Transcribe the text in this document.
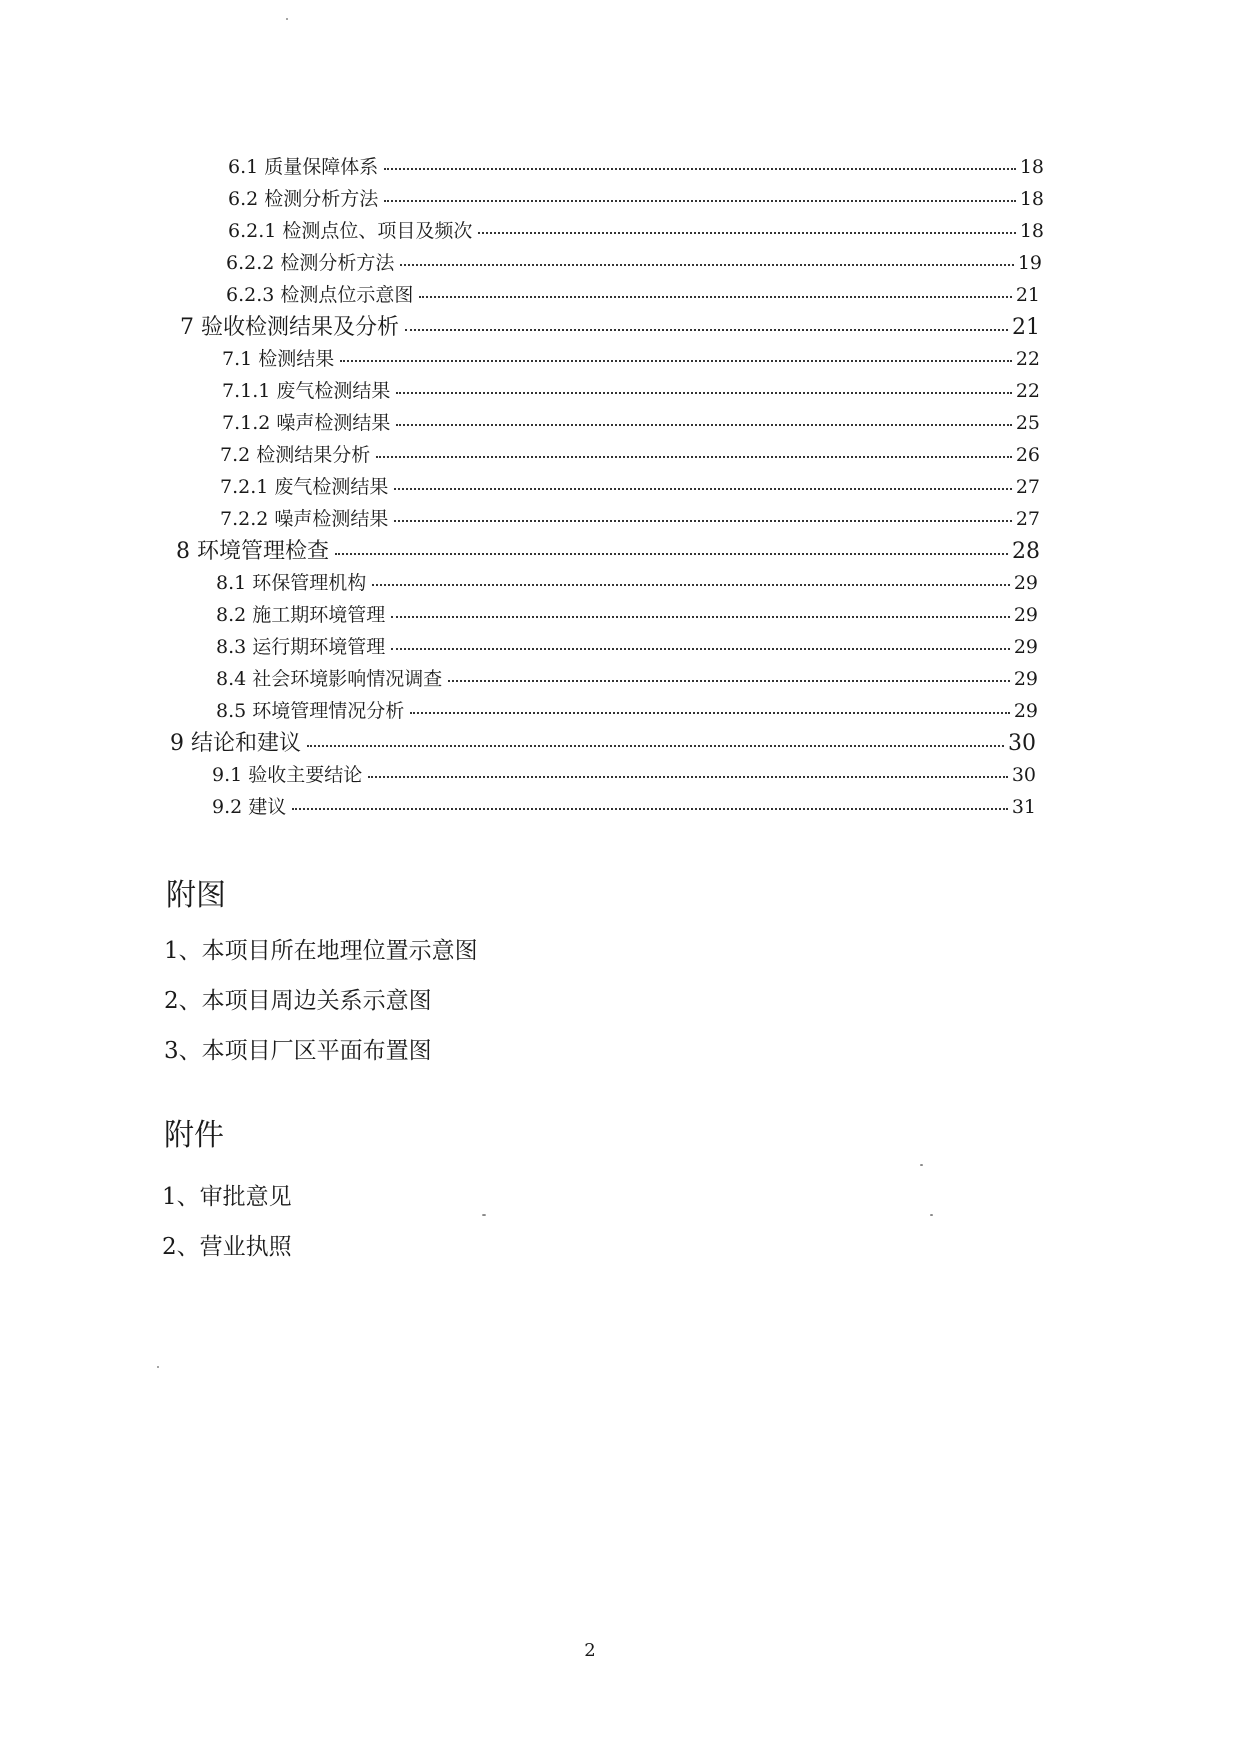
6.1 质量保障体系	18
6.2 检测分析方法	18
6.2.1 检测点位、项目及频次	18
6.2.2 检测分析方法	19
6.2.3 检测点位示意图	21
7 验收检测结果及分析	21
7.1 检测结果	22
7.1.1 废气检测结果	22
7.1.2 噪声检测结果	25
7.2 检测结果分析	26
7.2.1 废气检测结果	27
7.2.2 噪声检测结果	27
8 环境管理检查	28
8.1 环保管理机构	29
8.2 施工期环境管理	29
8.3 运行期环境管理	29
8.4 社会环境影响情况调查	29
8.5 环境管理情况分析	29
9 结论和建议	30
9.1 验收主要结论	30
9.2 建议	31
附图
1、本项目所在地理位置示意图
2、本项目周边关系示意图
3、本项目厂区平面布置图
附件
1、审批意见
2、营业执照
2
